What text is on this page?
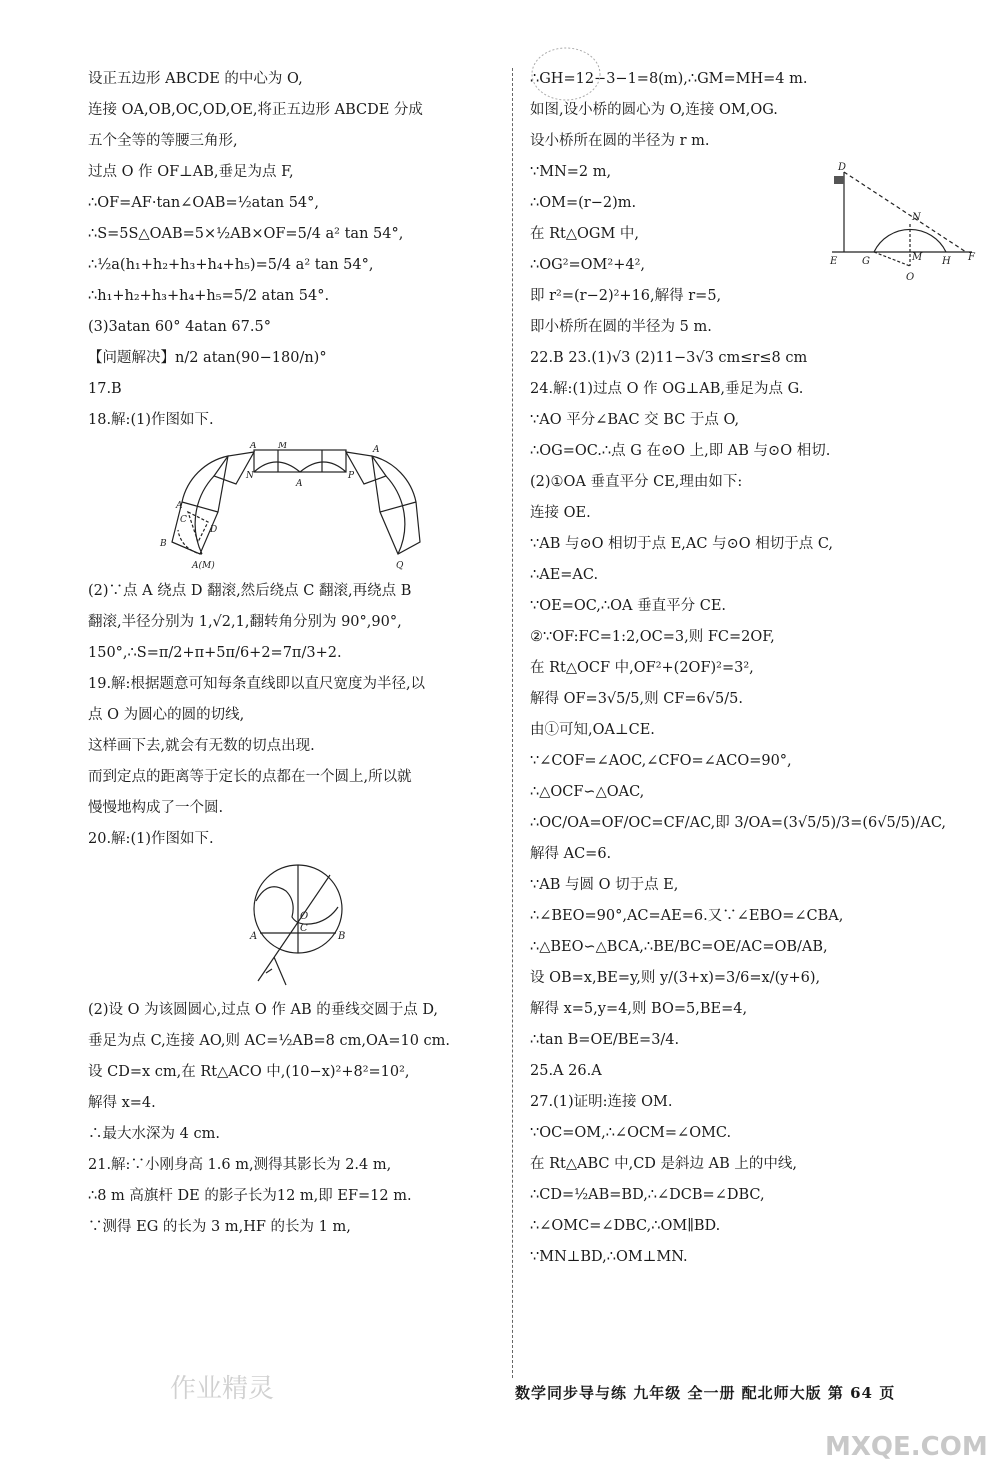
设正五边形 ABCDE 的中心为 O,
连接 OA,OB,OC,OD,OE,将正五边形 ABCDE 分成
五个全等的等腰三角形,
过点 O 作 OF⊥AB,垂足为点 F,
∴OF=AF·tan∠OAB=½atan 54°,
∴S=5S△OAB=5×½AB×OF=5/4 a² tan 54°,
∴½a(h₁+h₂+h₃+h₄+h₅)=5/4 a² tan 54°,
∴h₁+h₂+h₃+h₄+h₅=5/2 atan 54°.
(3)3atan 60° 4atan 67.5°
【问题解决】n/2 atan(90−180/n)°
17.B
18.解:(1)作图如下.
A M
N
A
P
A
A
C
D
B
A(M)	Q
(2)∵点 A 绕点 D 翻滚,然后绕点 C 翻滚,再绕点 B
翻滚,半径分别为 1,√2,1,翻转角分别为 90°,90°,
150°,∴S=π/2+π+5π/6+2=7π/3+2.
19.解:根据题意可知每条直线即以直尺宽度为半径,以
点 O 为圆心的圆的切线,
这样画下去,就会有无数的切点出现.
而到定点的距离等于定长的点都在一个圆上,所以就
慢慢地构成了一个圆.
20.解:(1)作图如下.
O
C
A	B
(2)设 O 为该圆圆心,过点 O 作 AB 的垂线交圆于点 D,
垂足为点 C,连接 AO,则 AC=½AB=8 cm,OA=10 cm.
设 CD=x cm,在 Rt△ACO 中,(10−x)²+8²=10²,
解得 x=4.
∴最大水深为 4 cm.
21.解:∵小刚身高 1.6 m,测得其影长为 2.4 m,
∴8 m 高旗杆 DE 的影子长为12 m,即 EF=12 m.
∵测得 EG 的长为 3 m,HF 的长为 1 m,
∴GH=12−3−1=8(m),∴GM=MH=4 m.
如图,设小桥的圆心为 O,连接 OM,OG.
设小桥所在圆的半径为 r m.
∵MN=2 m,
∴OM=(r−2)m.
在 Rt△OGM 中,
∴OG²=OM²+4²,
即 r²=(r−2)²+16,解得 r=5,
即小桥所在圆的半径为 5 m.
22.B 23.(1)√3 (2)11−3√3 cm≤r≤8 cm
24.解:(1)过点 O 作 OG⊥AB,垂足为点 G.
∵AO 平分∠BAC 交 BC 于点 O,
∴OG=OC.∴点 G 在⊙O 上,即 AB 与⊙O 相切.
(2)①OA 垂直平分 CE,理由如下:
连接 OE.
∵AB 与⊙O 相切于点 E,AC 与⊙O 相切于点 C,
∴AE=AC.
∵OE=OC,∴OA 垂直平分 CE.
②∵OF:FC=1:2,OC=3,则 FC=2OF,
在 Rt△OCF 中,OF²+(2OF)²=3²,
解得 OF=3√5/5,则 CF=6√5/5.
由①可知,OA⊥CE.
∵∠COF=∠AOC,∠CFO=∠ACO=90°,
∴△OCF∽△OAC,
∴OC/OA=OF/OC=CF/AC,即 3/OA=(3√5/5)/3=(6√5/5)/AC,
解得 AC=6.
∵AB 与圆 O 切于点 E,
∴∠BEO=90°,AC=AE=6.又∵∠EBO=∠CBA,
∴△BEO∽△BCA,∴BE/BC=OE/AC=OB/AB,
设 OB=x,BE=y,则 y/(3+x)=3/6=x/(y+6),
解得 x=5,y=4,则 BO=5,BE=4,
∴tan B=OE/BE=3/4.
25.A 26.A
27.(1)证明:连接 OM.
∵OC=OM,∴∠OCM=∠OMC.
在 Rt△ABC 中,CD 是斜边 AB 上的中线,
∴CD=½AB=BD,∴∠DCB=∠DBC,
∴∠OMC=∠DBC,∴OM∥BD.
∵MN⊥BD,∴OM⊥MN.
D
N
E G	M H F
O
作业精灵
MXQE.COM
数学同步导与练 九年级 全一册 配北师大版 第 64 页
